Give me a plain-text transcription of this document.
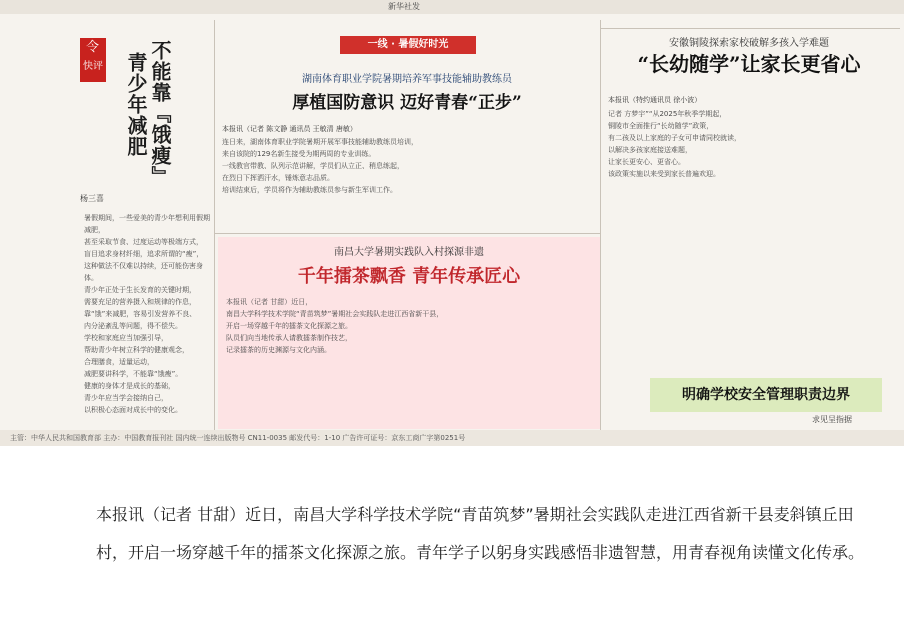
新华社发
令
快评 不能靠『饿瘦』
青少年减肥
杨三喜
暑假期间，一些爱美的青少年想利用假期减肥，
甚至采取节食、过度运动等极端方式，
盲目追求身材纤细，追求所谓的“瘦”，
这种做法不仅难以持续，还可能伤害身体。
青少年正处于生长发育的关键时期，
需要充足的营养摄入和规律的作息，
靠“饿”来减肥，容易引发营养不良、
内分泌紊乱等问题，得不偿失。
学校和家庭应当加强引导，
帮助青少年树立科学的健康观念，
合理膳食，适量运动，
减肥要讲科学，不能靠“饿瘦”。
健康的身体才是成长的基础，
青少年应当学会接纳自己，
以积极心态面对成长中的变化。
一线 · 暑假好时光
湖南体育职业学院暑期培养军事技能辅助教练员
厚植国防意识 迈好青春“正步”
本报讯（记者 陈文静 通讯员 王敏清 唐敏）
连日来，湖南体育职业学院暑期开展军事技能辅助教练员培训，
来自该院的129名新生接受为期两周的专业训练。
一线教官带教、队列示范讲解，学员们从立正、稍息练起，
在烈日下挥洒汗水，锤炼意志品质。
培训结束后，学员将作为辅助教练员参与新生军训工作。
南昌大学暑期实践队入村探源非遗
千年擂茶飘香 青年传承匠心
本报讯（记者 甘甜）近日，
南昌大学科学技术学院“青苗筑梦”暑期社会实践队走进江西省新干县，
开启一场穿越千年的擂茶文化探源之旅。
队员们向当地传承人请教擂茶制作技艺，
记录擂茶的历史渊源与文化内涵。
安徽铜陵探索家校破解多孩入学难题
“长幼随学”让家长更省心
本报讯（特约通讯员 徐小波）
记者 方梦宇”“从2025年秋季学期起，
铜陵市全面推行“长幼随学”政策，
有二孩及以上家庭的子女可申请同校就读，
以解决多孩家庭接送难题，
让家长更安心、更省心。
该政策实施以来受到家长普遍欢迎。
明确学校安全管理职责边界
求见呈指据
主管：中华人民共和国教育部 主办：中国教育报刊社 国内统一连续出版物号 CN11-0035 邮发代号：1-10 广告许可证号：京东工商广字第0251号

本报讯（记者 甘甜）近日，南昌大学科学技术学院“青苗筑梦”暑期社会实践队走进江西省新干县麦斜镇丘田村，开启一场穿越千年的擂茶文化探源之旅。青年学子以躬身实践感悟非遗智慧，用青春视角读懂文化传承。
